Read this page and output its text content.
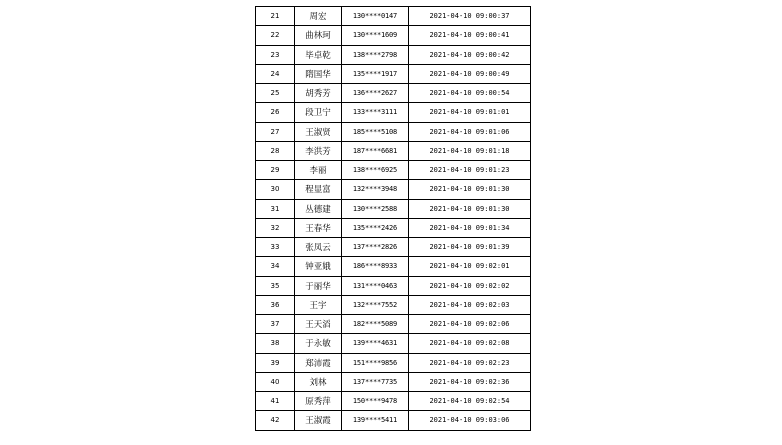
21	周宏	130****0147	2021-04-10 09:00:37
22	曲林珂	130****1609	2021-04-10 09:00:41
23	毕卓乾	138****2798	2021-04-10 09:00:42
24	隋国华	135****1917	2021-04-10 09:00:49
25	胡秀芳	136****2627	2021-04-10 09:00:54
26	段卫宁	133****3111	2021-04-10 09:01:01
27	王淑贤	185****5108	2021-04-10 09:01:06
28	李洪芳	187****6681	2021-04-10 09:01:18
29	李丽	138****6925	2021-04-10 09:01:23
30	程显富	132****3948	2021-04-10 09:01:30
31	丛德建	130****2588	2021-04-10 09:01:30
32	王春华	135****2426	2021-04-10 09:01:34
33	张凤云	137****2826	2021-04-10 09:01:39
34	钟亚娥	186****8933	2021-04-10 09:02:01
35	于丽华	131****0463	2021-04-10 09:02:02
36	王宇	132****7552	2021-04-10 09:02:03
37	王天滔	182****5089	2021-04-10 09:02:06
38	于永敏	139****4631	2021-04-10 09:02:08
39	郑沛霞	151****9856	2021-04-10 09:02:23
40	刘林	137****7735	2021-04-10 09:02:36
41	原秀萍	150****9478	2021-04-10 09:02:54
42	王淑霞	139****5411	2021-04-10 09:03:06
